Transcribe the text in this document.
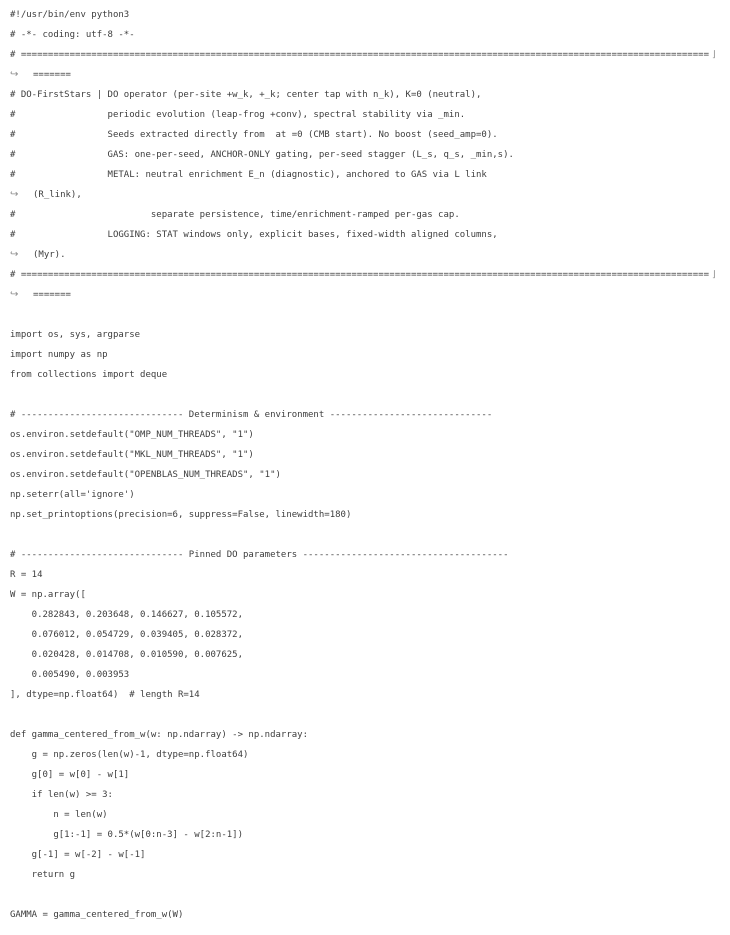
#!/usr/bin/env python3
# -*- coding: utf-8 -*-
# =============================================================================================================================== ⌋
↪ =======
# DO-FirstStars | DO operator (per-site +w_k, +_k; center tap with n_k), K=0 (neutral),
#                 periodic evolution (leap-frog +conv), spectral stability via _min.
#                 Seeds extracted directly from  at =0 (CMB start). No boost (seed_amp=0).
#                 GAS: one-per-seed, ANCHOR-ONLY gating, per-seed stagger (L_s, q_s, _min,s).
#                 METAL: neutral enrichment E_n (diagnostic), anchored to GAS via L link
↪ (R_link),
#                         separate persistence, time/enrichment-ramped per-gas cap.
#                 LOGGING: STAT windows only, explicit bases, fixed-width aligned columns,
↪ (Myr).
# =============================================================================================================================== ⌋
↪ =======
import os, sys, argparse
import numpy as np
from collections import deque
# ------------------------------ Determinism & environment ------------------------------
os.environ.setdefault("OMP_NUM_THREADS", "1")
os.environ.setdefault("MKL_NUM_THREADS", "1")
os.environ.setdefault("OPENBLAS_NUM_THREADS", "1")
np.seterr(all='ignore')
np.set_printoptions(precision=6, suppress=False, linewidth=180)
# ------------------------------ Pinned DO parameters --------------------------------------
R = 14
W = np.array([
0.282843, 0.203648, 0.146627, 0.105572,
0.076012, 0.054729, 0.039405, 0.028372,
0.020428, 0.014708, 0.010590, 0.007625,
0.005490, 0.003953
], dtype=np.float64)  # length R=14
def gamma_centered_from_w(w: np.ndarray) -> np.ndarray:
g = np.zeros(len(w)-1, dtype=np.float64)
g[0] = w[0] - w[1]
if len(w) >= 3:
n = len(w)
g[1:-1] = 0.5*(w[0:n-3] - w[2:n-1])
g[-1] = w[-2] - w[-1]
return g
GAMMA = gamma_centered_from_w(W)
